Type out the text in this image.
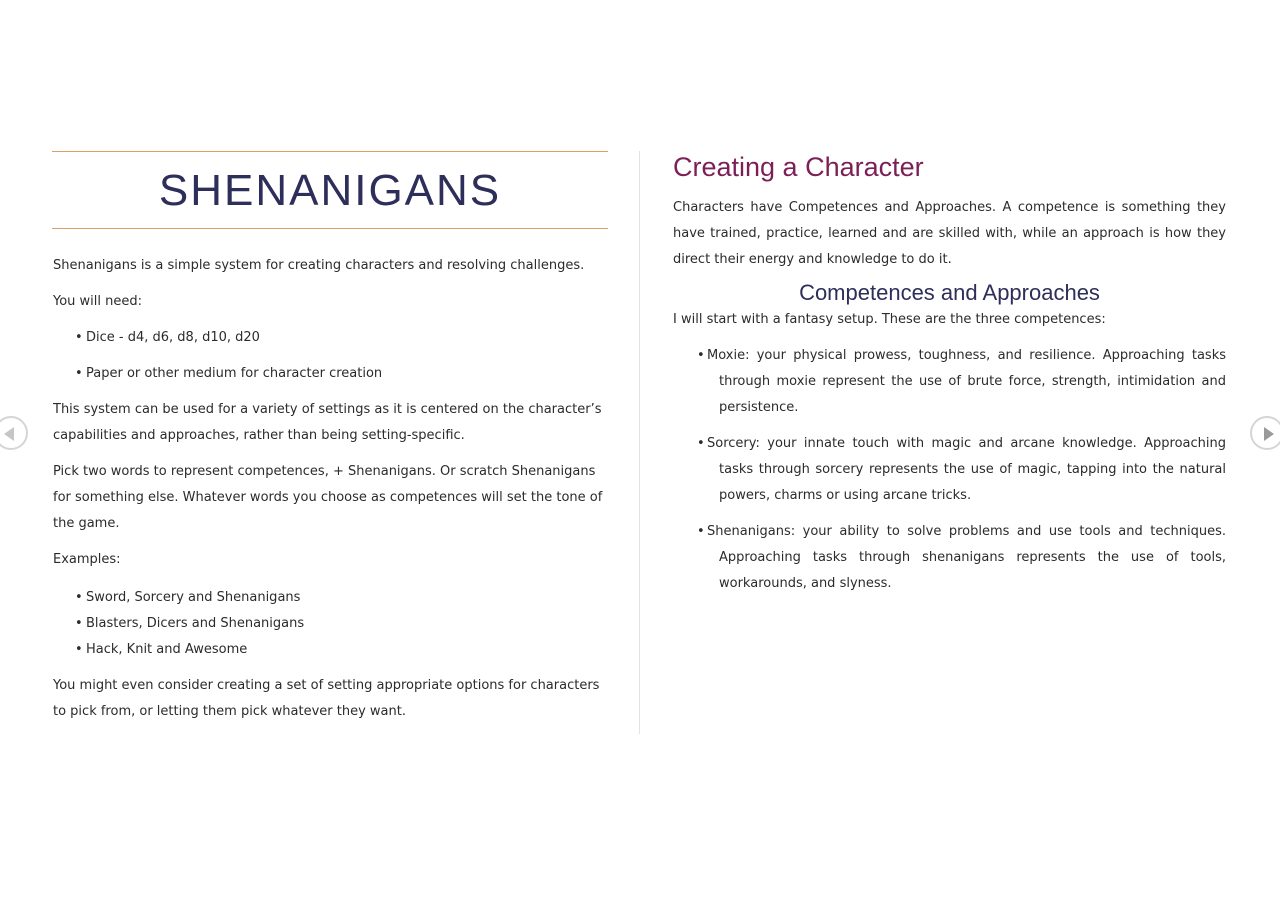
SHENANIGANS

Shenanigans is a simple system for creating characters and resolving challenges.

You will need:

• Dice - d4, d6, d8, d10, d20
• Paper or other medium for character creation

This system can be used for a variety of settings as it is centered on the character’s capabilities and approaches, rather than being setting-specific.

Pick two words to represent competences, + Shenanigans. Or scratch Shenanigans for something else. Whatever words you choose as competences will set the tone of the game.

Examples:

• Sword, Sorcery and Shenanigans
• Blasters, Dicers and Shenanigans
• Hack, Knit and Awesome

You might even consider creating a set of setting appropriate options for characters to pick from, or letting them pick whatever they want.

Creating a Character

Characters have Competences and Approaches. A competence is something they have trained, practice, learned and are skilled with, while an approach is how they direct their energy and knowledge to do it.

Competences and Approaches

I will start with a fantasy setup. These are the three competences:

• Moxie: your physical prowess, toughness, and resilience. Approaching tasks through moxie represent the use of brute force, strength, intimidation and persistence.
• Sorcery: your innate touch with magic and arcane knowledge. Approaching tasks through sorcery represents the use of magic, tapping into the natural powers, charms or using arcane tricks.
• Shenanigans: your ability to solve problems and use tools and techniques. Approaching tasks through shenanigans represents the use of tools, workarounds, and slyness.
